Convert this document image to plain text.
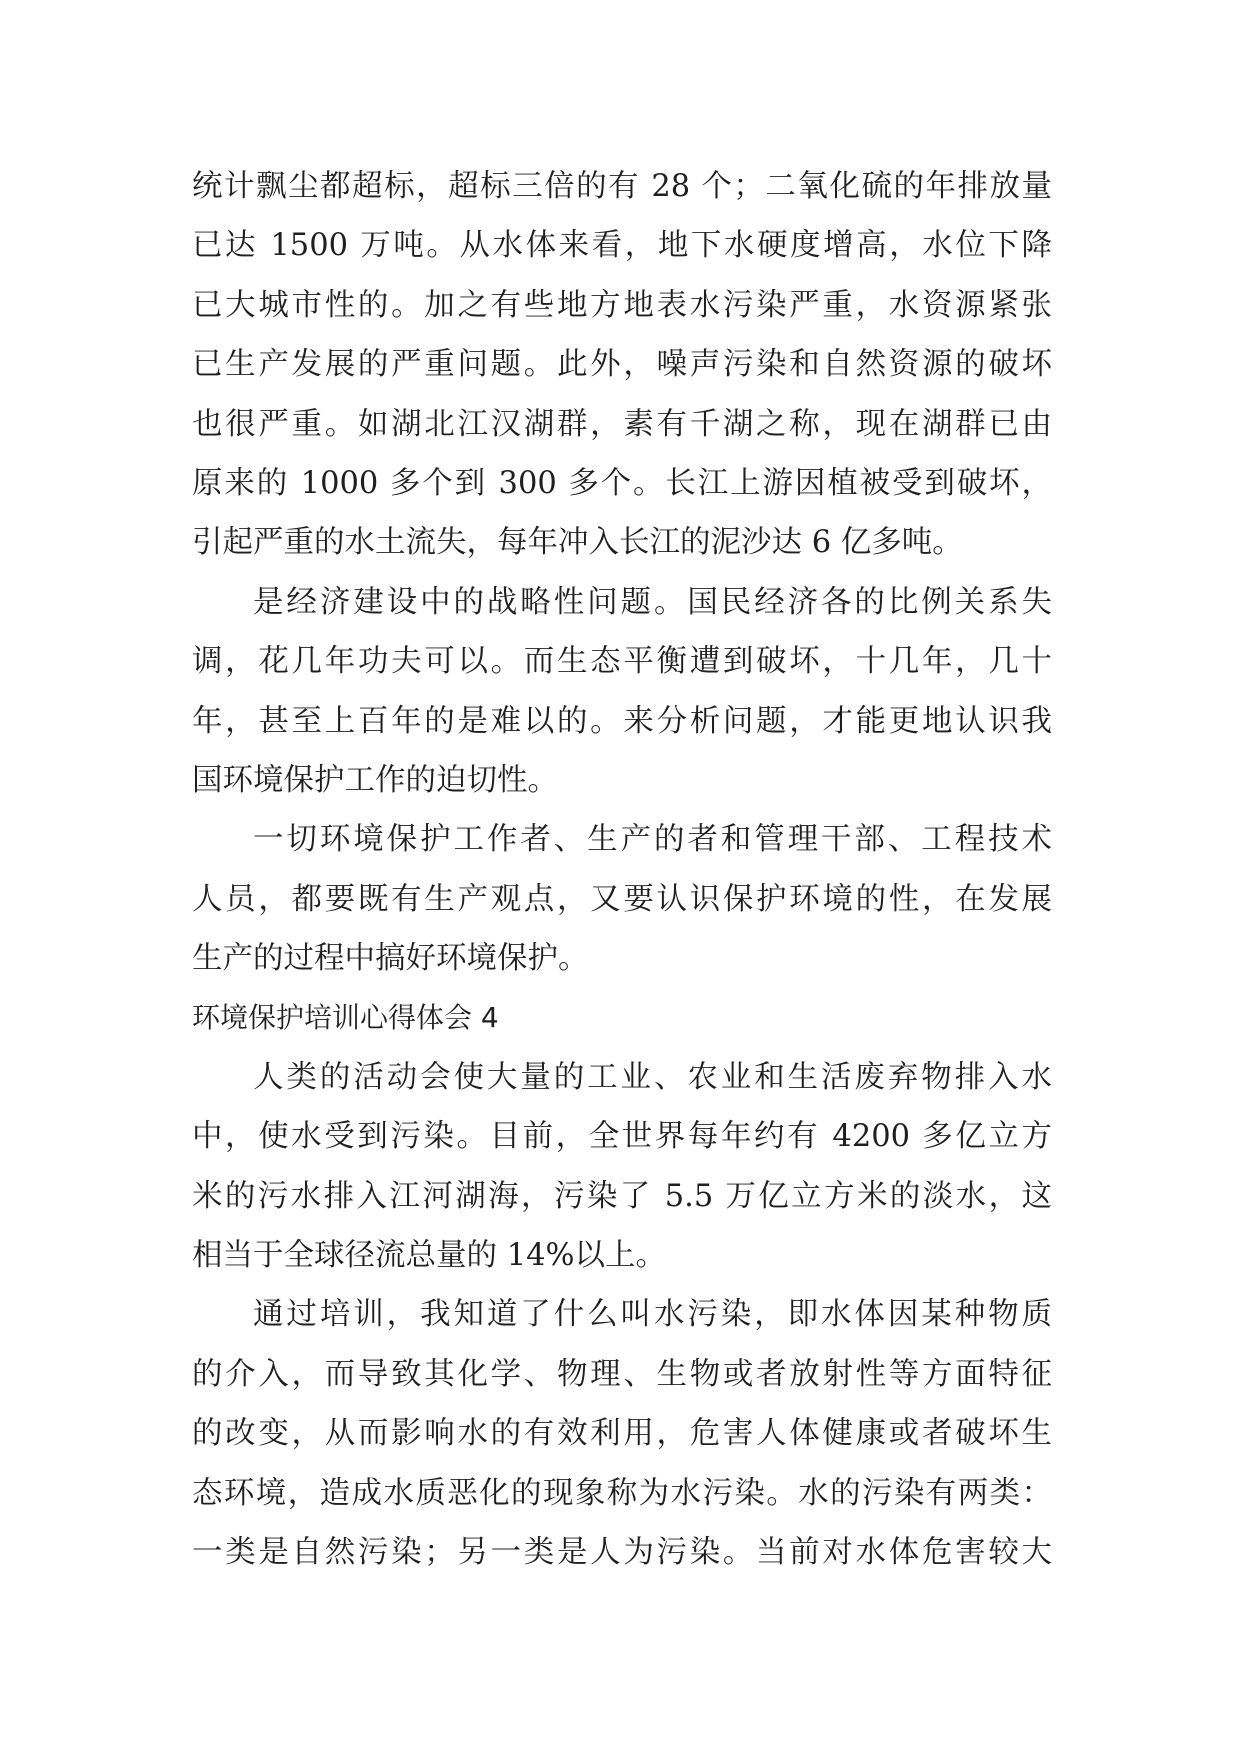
统计飘尘都超标，超标三倍的有 28 个；二氧化硫的年排放量
已达 1500 万吨。从水体来看，地下水硬度增高，水位下降
已大城市性的。加之有些地方地表水污染严重，水资源紧张
已生产发展的严重问题。此外，噪声污染和自然资源的破坏
也很严重。如湖北江汉湖群，素有千湖之称，现在湖群已由
原来的 1000 多个到 300 多个。长江上游因植被受到破坏，
引起严重的水土流失，每年冲入长江的泥沙达 6 亿多吨。
是经济建设中的战略性问题。国民经济各的比例关系失
调，花几年功夫可以。而生态平衡遭到破坏，十几年，几十
年，甚至上百年的是难以的。来分析问题，才能更地认识我
国环境保护工作的迫切性。
一切环境保护工作者、生产的者和管理干部、工程技术
人员，都要既有生产观点，又要认识保护环境的性，在发展
生产的过程中搞好环境保护。
环境保护培训心得体会 4
人类的活动会使大量的工业、农业和生活废弃物排入水
中，使水受到污染。目前，全世界每年约有 4200 多亿立方
米的污水排入江河湖海，污染了 5.5 万亿立方米的淡水，这
相当于全球径流总量的 14%以上。
通过培训，我知道了什么叫水污染，即水体因某种物质
的介入，而导致其化学、物理、生物或者放射性等方面特征
的改变，从而影响水的有效利用，危害人体健康或者破坏生
态环境，造成水质恶化的现象称为水污染。水的污染有两类：
一类是自然污染；另一类是人为污染。当前对水体危害较大
